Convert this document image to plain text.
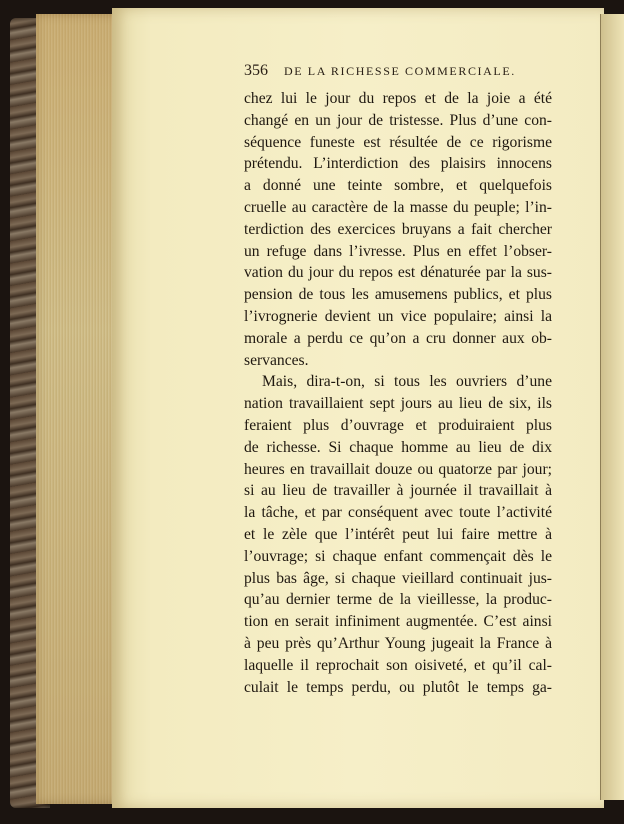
356 DE LA RICHESSE COMMERCIALE.
chez lui le jour du repos et de la joie a été
changé en un jour de tristesse. Plus d’une con-
séquence funeste est résultée de ce rigorisme
prétendu. L’interdiction des plaisirs innocens
a donné une teinte sombre, et quelquefois
cruelle au caractère de la masse du peuple; l’in-
terdiction des exercices bruyans a fait chercher
un refuge dans l’ivresse. Plus en effet l’obser-
vation du jour du repos est dénaturée par la sus-
pension de tous les amusemens publics, et plus
l’ivrognerie devient un vice populaire; ainsi la
morale a perdu ce qu’on a cru donner aux ob-
servances.
Mais, dira-t-on, si tous les ouvriers d’une
nation travaillaient sept jours au lieu de six, ils
feraient plus d’ouvrage et produiraient plus
de richesse. Si chaque homme au lieu de dix
heures en travaillait douze ou quatorze par jour;
si au lieu de travailler à journée il travaillait à
la tâche, et par conséquent avec toute l’activité
et le zèle que l’intérêt peut lui faire mettre à
l’ouvrage; si chaque enfant commençait dès le
plus bas âge, si chaque vieillard continuait jus-
qu’au dernier terme de la vieillesse, la produc-
tion en serait infiniment augmentée. C’est ainsi
à peu près qu’Arthur Young jugeait la France à
laquelle il reprochait son oisiveté, et qu’il cal-
culait le temps perdu, ou plutôt le temps ga-
